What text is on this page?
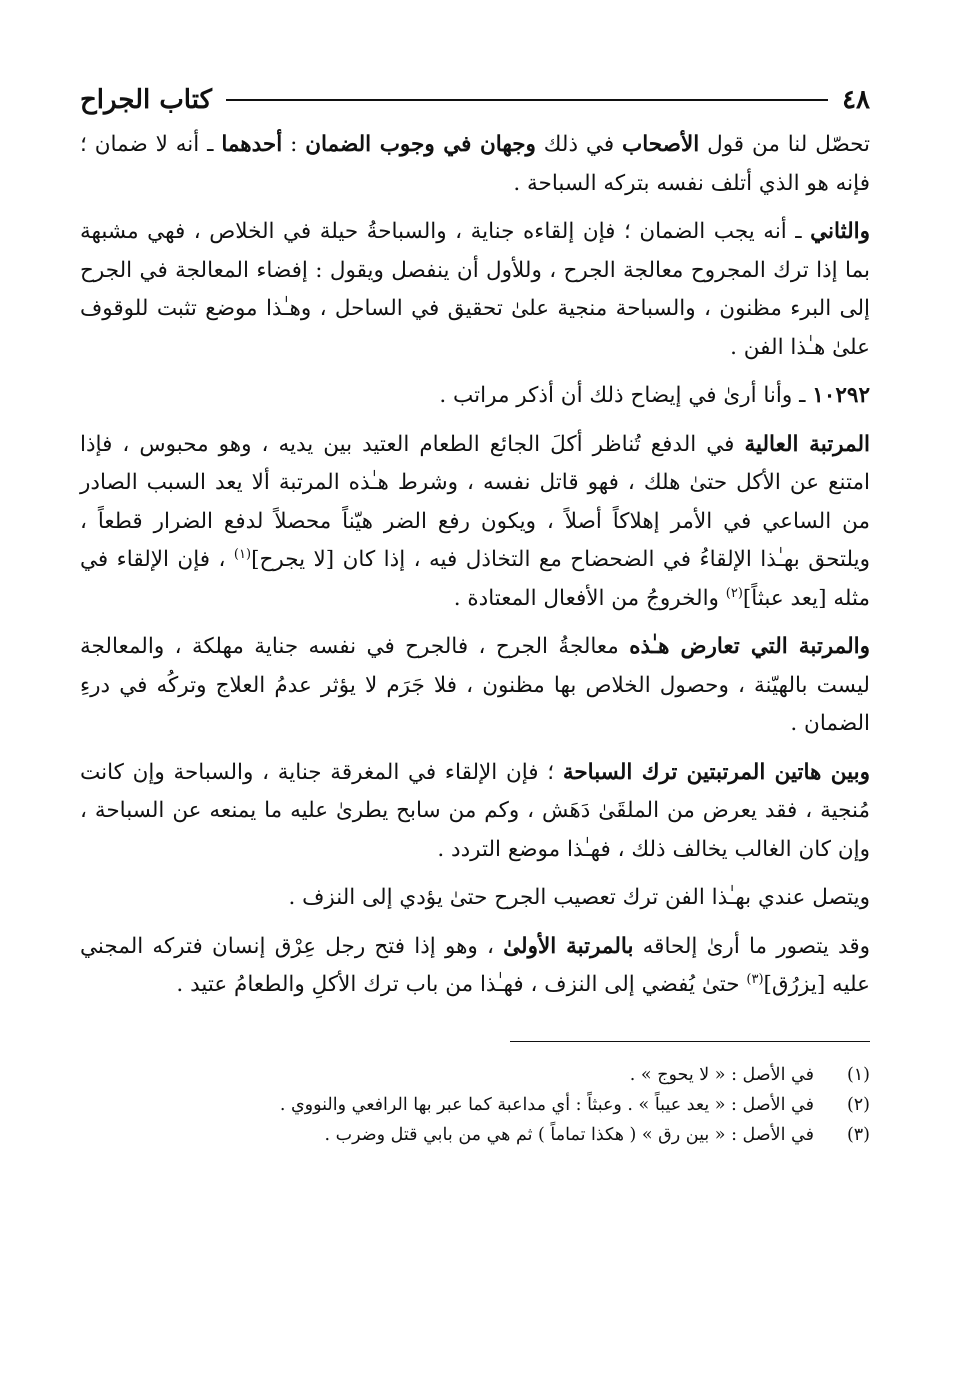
٤٨
كتاب الجراح

تحصّل لنا من قول الأصحاب في ذلك وجهان في وجوب الضمان : أحدهما ـ أنه لا ضمان ؛ فإنه هو الذي أتلف نفسه بتركه السباحة .

والثاني ـ أنه يجب الضمان ؛ فإن إلقاءه جناية ، والسباحةُ حيلة في الخلاص ، فهي مشبهة بما إذا ترك المجروح معالجة الجرح ، وللأول أن ينفصل ويقول : إفضاء المعالجة في الجرح إلى البرء مظنون ، والسباحة منجية علىٰ تحقيق في الساحل ، وهـٰذا موضع تثبت للوقوف علىٰ هـٰذا الفن .

١٠٢٩٢ ـ وأنا أرىٰ في إيضاح ذلك أن أذكر مراتب .

المرتبة العالية في الدفع تُناظر أكلَ الجائع الطعام العتيد بين يديه ، وهو محبوس ، فإذا امتنع عن الأكل حتىٰ هلك ، فهو قاتل نفسه ، وشرط هـٰذه المرتبة ألا يعد السبب الصادر من الساعي في الأمر إهلاكاً أصلاً ، ويكون رفع الضر هيّناً محصلاً لدفع الضرار قطعاً ، ويلتحق بهـٰذا الإلقاءُ في الضحضاح مع التخاذل فيه ، إذا كان [لا يجرح]$^{(١)}$ ، فإن الإلقاء في مثله [يعد عبثاً]$^{(٢)}$ والخروجُ من الأفعال المعتادة .

والمرتبة التي تعارض هـٰذه معالجةُ الجرح ، فالجرح في نفسه جناية مهلكة ، والمعالجة ليست بالهيّنة ، وحصول الخلاص بها مظنون ، فلا جَرَم لا يؤثر عدمُ العلاج وتركُه في درءِ الضمان .

وبين هاتين المرتبتين ترك السباحة ؛ فإن الإلقاء في المغرقة جناية ، والسباحة وإن كانت مُنجية ، فقد يعرض من الملقَىٰ دَهَش ، وكم من سابح يطرىٰ عليه ما يمنعه عن السباحة ، وإن كان الغالب يخالف ذلك ، فهـٰذا موضع التردد .

ويتصل عندي بهـٰذا الفن ترك تعصيب الجرح حتىٰ يؤدي إلى النزف .

وقد يتصور ما أرىٰ إلحاقه بالمرتبة الأولىٰ ، وهو إذا فتح رجل عِرْق إنسان فتركه المجني عليه [يزرُق]$^{(٣)}$ حتىٰ يُفضي إلى النزف ، فهـٰذا من باب ترك الأكلِ والطعامُ عتيد .

(١)
في الأصل : « لا يحوج » .
(٢)
في الأصل : « يعد عيباً » . وعبثاً : أي مداعبة كما عبر بها الرافعي والنووي .
(٣)
في الأصل : « بين رق » ( هكذا تماماً ) ثم هي من بابي قتل وضرب .
